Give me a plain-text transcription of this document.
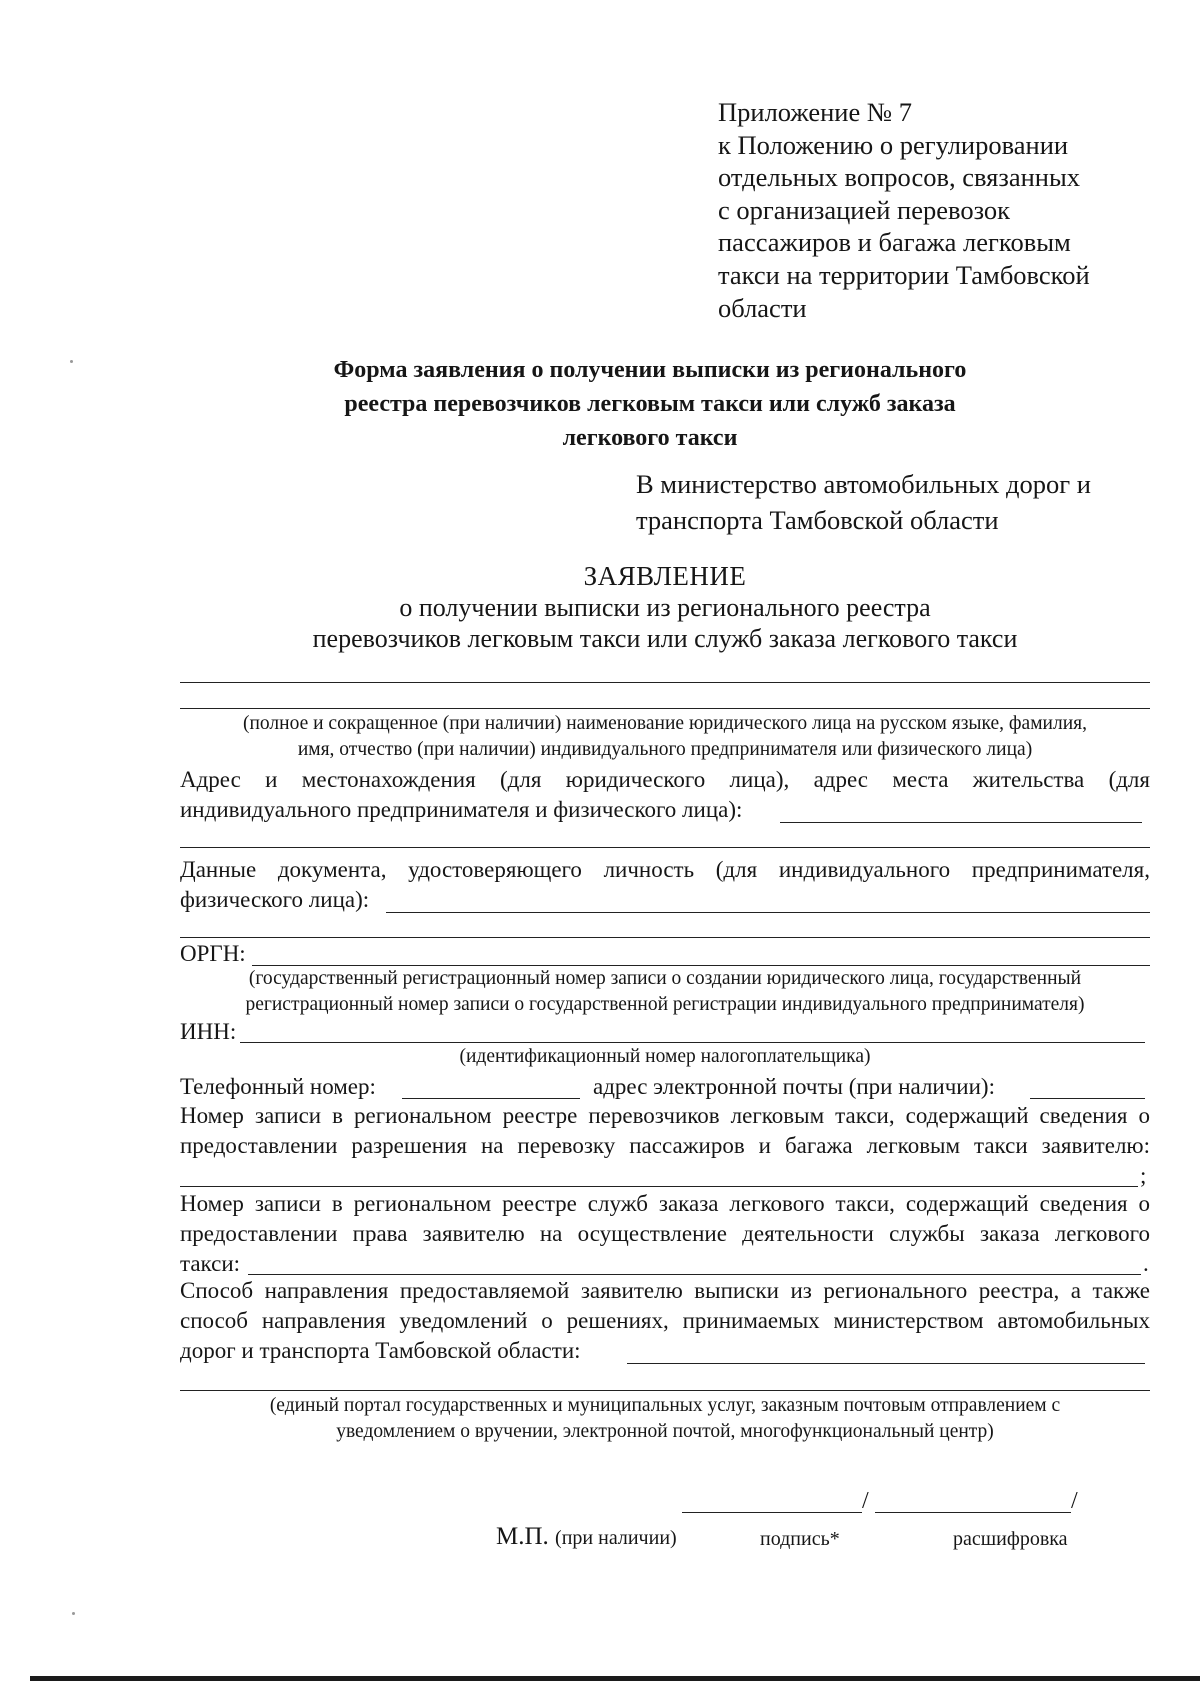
Приложение № 7
к Положению о регулировании
отдельных вопросов, связанных
с организацией перевозок
пассажиров и багажа легковым
такси на территории Тамбовской
области
Форма заявления о получении выписки из регионального
реестра перевозчиков легковым такси или служб заказа
легкового такси
В министерство автомобильных дорог и
транспорта Тамбовской области
ЗАЯВЛЕНИЕ
о получении выписки из регионального реестра
перевозчиков легковым такси или служб заказа легкового такси
(полное и сокращенное (при наличии) наименование юридического лица на русском языке, фамилия,
имя, отчество (при наличии) индивидуального предпринимателя или физического лица)
Адрес и местонахождения (для юридического лица), адрес места жительства (для
индивидуального предпринимателя и физического лица):
Данные документа, удостоверяющего личность (для индивидуального предпринимателя,
физического лица):
ОРГН:
(государственный регистрационный номер записи о создании юридического лица, государственный
регистрационный номер записи о государственной регистрации индивидуального предпринимателя)
ИНН:
(идентификационный номер налогоплательщика)
Телефонный номер:	адрес электронной почты (при наличии):
Номер записи в региональном реестре перевозчиков легковым такси, содержащий сведения о
предоставлении разрешения на перевозку пассажиров и багажа легковым такси заявителю:
;
Номер записи в региональном реестре служб заказа легкового такси, содержащий сведения о
предоставлении права заявителю на осуществление деятельности службы заказа легкового
такси:	.
Способ направления предоставляемой заявителю выписки из регионального реестра, а также
способ направления уведомлений о решениях, принимаемых министерством автомобильных
дорог и транспорта Тамбовской области:
(единый портал государственных и муниципальных услуг, заказным почтовым отправлением с
уведомлением о вручении, электронной почтой, многофункциональный центр)
/	/
М.П. (при наличии)	подпись*	расшифровка
